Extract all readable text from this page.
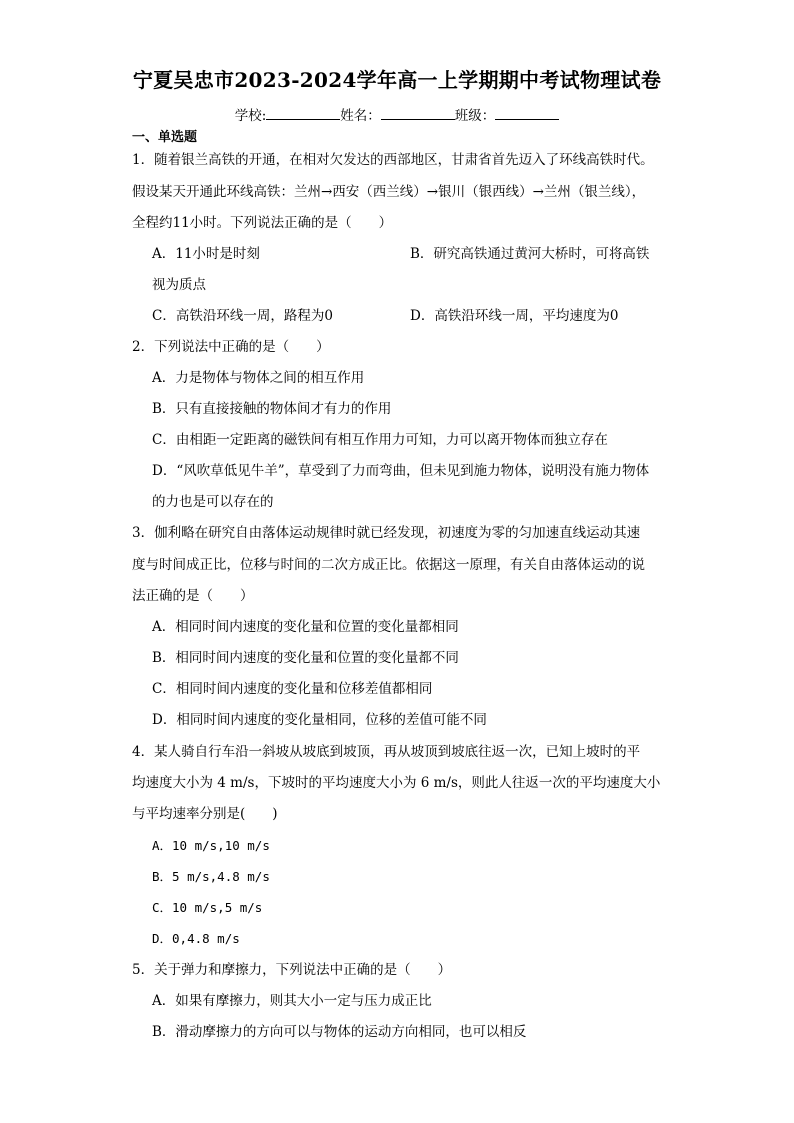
宁夏吴忠市2023-2024学年高一上学期期中考试物理试卷
学校:	姓名：	班级：
一、单选题
1．随着银兰高铁的开通，在相对欠发达的西部地区，甘肃省首先迈入了环线高铁时代。
假设某天开通此环线高铁：兰州→西安（西兰线）→银川（银西线）→兰州（银兰线），
全程约11小时。下列说法正确的是（　　）
A．11小时是时刻	B．研究高铁通过黄河大桥时，可将高铁
视为质点
C．高铁沿环线一周，路程为0	D．高铁沿环线一周，平均速度为0
2．下列说法中正确的是（　　）
A．力是物体与物体之间的相互作用
B．只有直接接触的物体间才有力的作用
C．由相距一定距离的磁铁间有相互作用力可知，力可以离开物体而独立存在
D．“风吹草低见牛羊”，草受到了力而弯曲，但未见到施力物体，说明没有施力物体
的力也是可以存在的
3．伽利略在研究自由落体运动规律时就已经发现，初速度为零的匀加速直线运动其速
度与时间成正比，位移与时间的二次方成正比。依据这一原理，有关自由落体运动的说
法正确的是（　　）
A．相同时间内速度的变化量和位置的变化量都相同
B．相同时间内速度的变化量和位置的变化量都不同
C．相同时间内速度的变化量和位移差值都相同
D．相同时间内速度的变化量相同，位移的差值可能不同
4．某人骑自行车沿一斜坡从坡底到坡顶，再从坡顶到坡底往返一次，已知上坡时的平
均速度大小为 4 m/s，下坡时的平均速度大小为 6 m/s，则此人往返一次的平均速度大小
与平均速率分别是(　　)
A．10 m/s,10 m/s
B．5 m/s,4.8 m/s
C．10 m/s,5 m/s
D．0,4.8 m/s
5．关于弹力和摩擦力，下列说法中正确的是（　　）
A．如果有摩擦力，则其大小一定与压力成正比
B．滑动摩擦力的方向可以与物体的运动方向相同，也可以相反
